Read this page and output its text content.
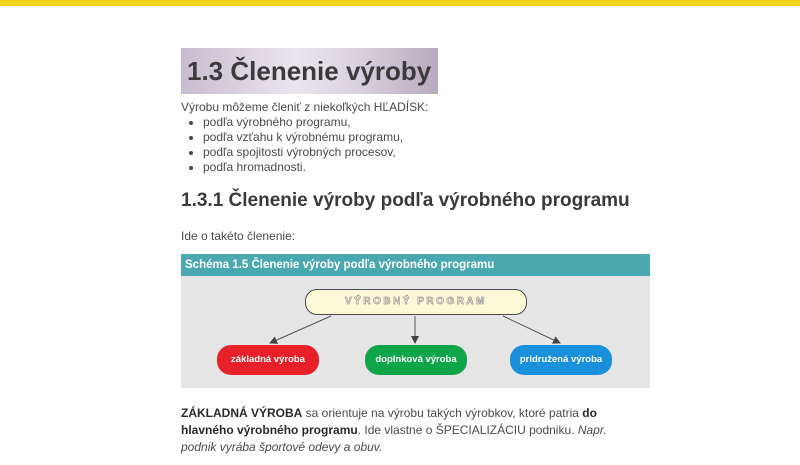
1.3 Členenie výroby
Výrobu môžeme členiť z niekoľkých HĽADÍSK:
• podľa výrobného programu,
• podľa vzťahu k výrobnému programu,
• podľa spojitosti výrobných procesov,
• podľa hromadnosti.
1.3.1 Členenie výroby podľa výrobného programu
Ide o takéto členenie:
Schéma 1.5 Členenie výroby podľa výrobného programu
VÝROBNÝ PROGRAM
základná výroba	doplnková výroba	pridružená výroba
ZÁKLADNÁ VÝROBA sa orientuje na výrobu takých výrobkov, ktoré patria do hlavného výrobného programu. Ide vlastne o ŠPECIALIZÁCIU podniku. Napr. podnik vyrába športové odevy a obuv.
